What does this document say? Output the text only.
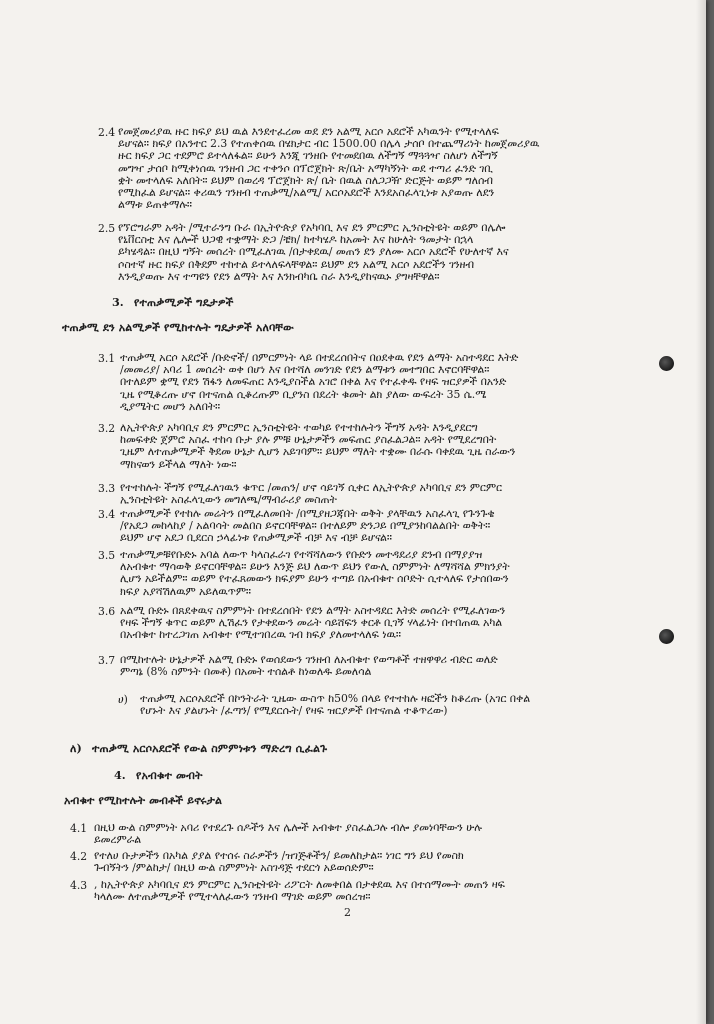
2
2.4 የመጀመሪያዉ ዙር ክፍያ ይህ ዉል እንደተፈረመ ወደ ደን አልሚ አርሶ አደሮች አካዉንት የሚተላለፍ
ይሆናል። ክፍያ በአንተር 2.3 የተጠቀሰዉ በሄክታር ብር 1500.00 በሌላ ታሰቦ በተጨማሪነት ከመጀመሪያዉ
ዙር ክፍያ ጋር ተደምሮ ይተላለፋል። ይሁን እንጂ ገንዘቡ የተመደበዉ ለችግኝ ማጓጓዣ ስለሆነ ለችግኝ
መግዣ ታሰቦ ከሚቀነሰዉ ገንዘብ ጋር ተቀንሶ በፕሮጀክት ጽ/ቤት አማካኝነት ወደ ተጣሪ ፈንድ ገቢ
ቋት መተላለፍ አለበት። ይህም በወረዳ ፕሮጀክት ጽ/ ቤት በዉል ስለጋጋዥ ድርጅት ወይም ግለሰብ
የሚከፈል ይሆናል። ቀሪዉን ገንዘብ ተጠቃሚ/አልሚ/ አርሶአደሮች እንደአስፈላጊነቱ አያወጡ ለደን
ልማቱ ይጠቀማሉ።
2.5 የኘሮግራም አዳት /ሚተራንግ ቡራ በኢትዮጵያ የአካባቢ እና ደን ምርምር ኢንስቲትዩት ወይም በሌሎ
የኒቨርስቲ እና ሌሎች ህጋዊ ተቋማት ድጋ /ቼክ/ ከተካሄዶ ከአመት እና ከሁለት ዓመታት በኋላ
ይካሄዳል። በዚህ ግኝት መሰረት በሚፈለገዉ /በታቀደዉ/ መጠን ደን ያለሙ አርሶ አደሮች የሁለተኛ እና
ሶስተኛ ዙር ክፍያ በቅደም ተከተል ይተላለፍላቸዋል። ይህም ደን አልሚ አርሶ አደሮችን ገንዘብ
እንዲያወጡ እና ተጣዩን የደን ልማት እና እንክብካቤ ስራ እንዲያከናዉኑ ያግዛቸዋል።
3. የተጠቃሚዎች ግዴታዎች
ተጠቃሚ ደን አልሚዎች የሚከተሉት ግዴታዎች አለባቸው
3.1 ተጠቃሚ አርሶ አደሮች /ቡድኖች/ በምርምነት ላይ በተደረሰበትና በዐደቀዉ የደን ልማት አስተዳደር እትድ
/መመሪያ/ አባሪ 1 መሰረት ወቀ በሆነ እና በተሻለ መንገድ የደን ልማቱን መተግበር እኖርባቸዋል።
በተለይም ቋሚ የደን ሽፋን ለመፍጠር እንዲያስችል አገሮ በቀል እና የተፈቀዱ የዛፍ ዝርያዎች በአንድ
ጊዜ የሚቆረጡ ሆኖ በተናጠል ሲቆረጡም ቢያንስ በደረት ቁመት ልክ ያለው ውፍረት 35 ሴ.ሜ
ዲያሜትር መሆን አለበት።
3.2 ለኢትዮጵያ አካባቢና ደን ምርምር ኢንስቲትዩት ተወካይ የተተከሉትን ችግኝ አዳት እንዲያደርግ
ከመፍቀድ ጀምሮ አስፈ ተከሳ ቡታ ያሉ ምቹ ሁኔታዎችን መፍጠር ያስፈልጋል። አዳት የሚደረግበት
ጊዜም ለተጠቃሚዎች ቅደመ ሁኔታ ሊሆን አይገባም። ይህም ማለት ተቋሙ በራሱ ባቀደዉ ጊዜ ስራውን
ማከናወን ይችላል ማለት ነው።
3.3 የተተከሉት ችግኝ የሚፈለገዉን ቁጥር /መጠን/ ሆኖ ሳይገኝ ሲቀር ለኢትዮጵያ አካባቢና ደን ምርምር
ኢንስቲትዩት አስፈላጊውን መግለጫ/ማብራሪያ መስጠት
3.4 ተጠቃሚዎች የተከሉ መሬትን በሚፈለመበት /በሚያዘጋጃበት ወቅት ያላቸዉን አስፈላጊ የጉንጉቄ
/የአደጋ መከላከያ / አልባሳት መልበስ ይኖርባቸዋል። በተለይም ድንጋይ በሚያንከባልልበት ወቅት።
ይህም ሆኖ አደጋ ቢደርስ ኃላፊነቱ የጠቃሚዎች ብቻ እና ብቻ ይሆናል።
3.5 ተጠቃሚዎቹየቡድኑ አባል ለውጥ ካላስፈራገ የተሻሻለውን የቡድን መተዳደሪያ ደንብ በማያያዝ
ለአብቁተ ማሳወቅ ይኖርባቸዋል። ይሁን እንጅ ይህ ለውጥ ይህን የውሊ ስምምነት ለማሻሻል ምክንያት
ሊሆን አይችልም። ወይም የተፈጸመውን ክፍያም ይሁን ተጣይ በአብቁተ ሰቦድት ሲተላለፍ የታሰበውን
ክፍያ አያሻሽለዉም አይለዉጥም።
3.6 አልሚ ቡድኑ በጸደቀዉና ስምምነት በተደረሰበት የደን ልማት አስተዳደር እትድ መሰረት የሚፈለገውን
የዛፍ ችግኝ ቁጥር ወይም ሊሽፈን የታቀደውን መሬት ሳይሸፍን ቀርቶ ቢገኝ ሃላፊነት በተበጠዉ አካል
በአብቁተ ከተረጋገጠ አብቁተ የሚተገበረዉ ገብ ክፍያ ያለመተላለፍ ነዉ።
3.7 በሚከተሉት ሁኔታዎች አልሚ ቡድኑ የወሰደውን ገንዘብ ለአብቁተ የወጣቶች ተዘዋዋሪ ብድር ወለድ
ምጣኔ (8% ስምንት በመቶ) በአመት ተሰልቶ ከነወለዱ ይመለሳል
ሀ) ተጠቃሚ አርሶአደሮች በኮንትራት ጊዜው ውስጥ ከ50% በላይ የተተከሉ ዛፎችን ከቆረጡ (አገር በቀል
የሆኑት እና ያልሆኑት /ፈጣን/ የሚደርሱት/ የዛፍ ዝርያዎች በተናጠል ተቆጥረው)
ለ) ተጠቃሚ አርሶአደሮች የውል ስምምነቱን ማድረግ ሲፈልጉ
4. የአብቁተ መብት
አብቁተ የሚከተሉት መብቶች ይኖሩታል
4.1 በዚህ ውል ስምምነት አባሪ የተደረጉ ሰዶችን እና ሌሎች አብቁተ ያስፈልጋሉ ብሎ ያመነባቸውን ሁሉ
ይመረምራል
4.2 የተለሀ ቡታዎችን በአካል ያያል የተሰሩ ስራዎችን /ዝገጅቶችን/ ይመለከታል። ነገር ግን ይህ የመስክ
ጉብኝትን /ምልከታ/ በዚህ ውል ስምምነት አስገዳጅ ተደርጎ አይወሰድም።
4.3 , ከኢትዮጵያ አካባቢና ደን ምርምር ኢንስቲትዩት ሪፖርት ለመቀበል በታቀደዉ እና በተሰማሙት መጠን ዛፍ
ካላለሙ ለተጠቃሚዎች የሚተላለፈውን ገንዘብ ማገድ ወይም መሰረዝ።
